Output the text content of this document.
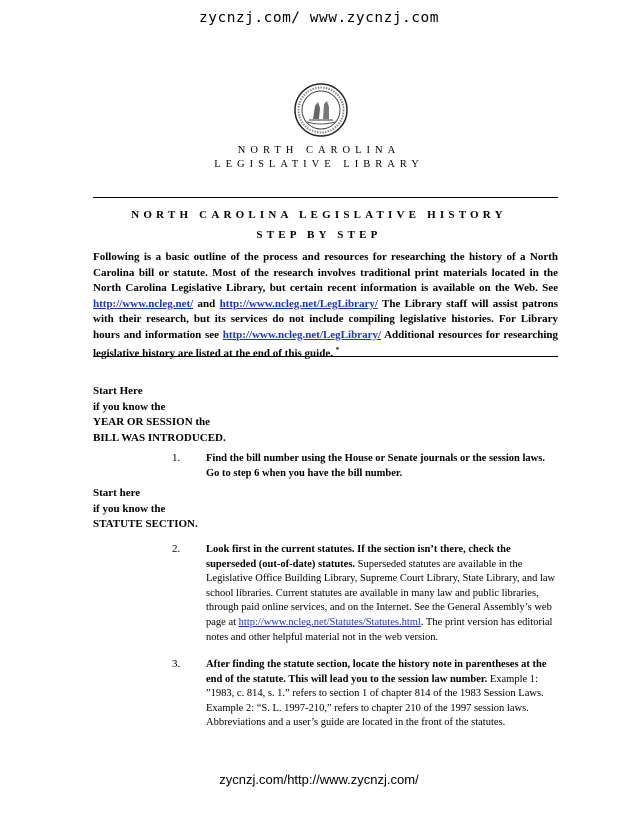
zycnzj.com/ www.zycnzj.com
NORTH CAROLINA
LEGISLATIVE LIBRARY
NORTH CAROLINA LEGISLATIVE HISTORY
STEP BY STEP
Following is a basic outline of the process and resources for researching the history of a North Carolina bill or statute. Most of the research involves traditional print materials located in the North Carolina Legislative Library, but certain recent information is available on the Web. See http://www.ncleg.net/ and http://www.ncleg.net/LegLibrary/ The Library staff will assist patrons with their research, but its services do not include compiling legislative histories. For Library hours and information see http://www.ncleg.net/LegLibrary/ Additional resources for researching legislative history are listed at the end of this guide. *
Start Here
if you know the
YEAR OR SESSION the
BILL WAS INTRODUCED.
1. Find the bill number using the House or Senate journals or the session laws. Go to step 6 when you have the bill number.
Start here
if you know the
STATUTE SECTION.
2. Look first in the current statutes. If the section isn’t there, check the superseded (out-of-date) statutes. Superseded statutes are available in the Legislative Office Building Library, Supreme Court Library, State Library, and law school libraries. Current statutes are available in many law and public libraries, through paid online services, and on the Internet. See the General Assembly’s web page at http://www.ncleg.net/Statutes/Statutes.html. The print version has editorial notes and other helpful material not in the web version.
3. After finding the statute section, locate the history note in parentheses at the end of the statute. This will lead you to the session law number. Example 1: ”1983, c. 814, s. 1.” refers to section 1 of chapter 814 of the 1983 Session Laws. Example 2: “S. L. 1997-210,” refers to chapter 210 of the 1997 session laws. Abbreviations and a user’s guide are located in the front of the statutes.
zycnzj.com/http://www.zycnzj.com/
